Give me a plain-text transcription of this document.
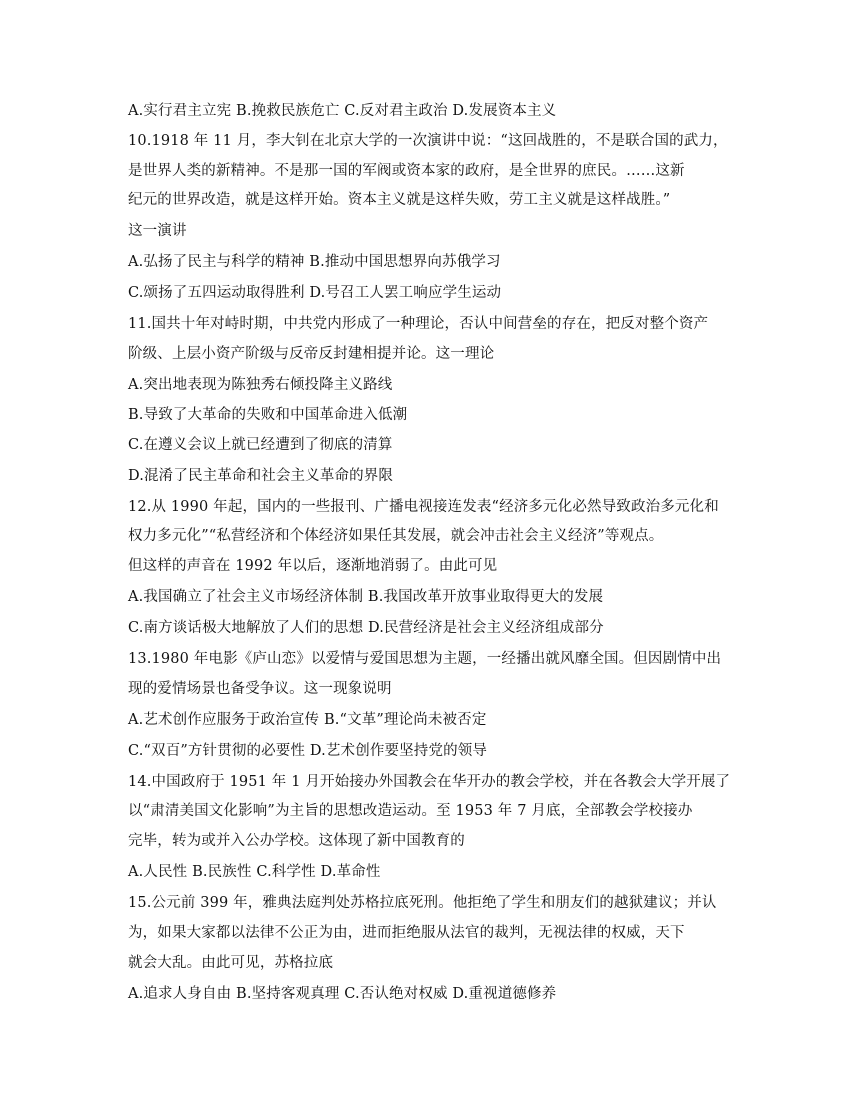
A.实行君主立宪 B.挽救民族危亡 C.反对君主政治 D.发展资本主义
10.1918 年 11 月，李大钊在北京大学的一次演讲中说：“这回战胜的，不是联合国的武力，
是世界人类的新精神。不是那一国的军阀或资本家的政府，是全世界的庶民。……这新
纪元的世界改造，就是这样开始。资本主义就是这样失败，劳工主义就是这样战胜。”
这一演讲
A.弘扬了民主与科学的精神 B.推动中国思想界向苏俄学习
C.颂扬了五四运动取得胜利 D.号召工人罢工响应学生运动
11.国共十年对峙时期，中共党内形成了一种理论，否认中间营垒的存在，把反对整个资产
阶级、上层小资产阶级与反帝反封建相提并论。这一理论
A.突出地表现为陈独秀右倾投降主义路线
B.导致了大革命的失败和中国革命进入低潮
C.在遵义会议上就已经遭到了彻底的清算
D.混淆了民主革命和社会主义革命的界限
12.从 1990 年起，国内的一些报刊、广播电视接连发表“经济多元化必然导致政治多元化和
权力多元化”“私营经济和个体经济如果任其发展，就会冲击社会主义经济”等观点。
但这样的声音在 1992 年以后，逐渐地消弱了。由此可见
A.我国确立了社会主义市场经济体制 B.我国改革开放事业取得更大的发展
C.南方谈话极大地解放了人们的思想 D.民营经济是社会主义经济组成部分
13.1980 年电影《庐山恋》以爱情与爱国思想为主题，一经播出就风靡全国。但因剧情中出
现的爱情场景也备受争议。这一现象说明
A.艺术创作应服务于政治宣传 B.“文革”理论尚未被否定
C.“双百”方针贯彻的必要性 D.艺术创作要坚持党的领导
14.中国政府于 1951 年 1 月开始接办外国教会在华开办的教会学校，并在各教会大学开展了
以“肃清美国文化影响”为主旨的思想改造运动。至 1953 年 7 月底，全部教会学校接办
完毕，转为或并入公办学校。这体现了新中国教育的
A.人民性 B.民族性 C.科学性 D.革命性
15.公元前 399 年，雅典法庭判处苏格拉底死刑。他拒绝了学生和朋友们的越狱建议；并认
为，如果大家都以法律不公正为由，进而拒绝服从法官的裁判，无视法律的权威，天下
就会大乱。由此可见，苏格拉底
A.追求人身自由 B.坚持客观真理 C.否认绝对权威 D.重视道德修养
